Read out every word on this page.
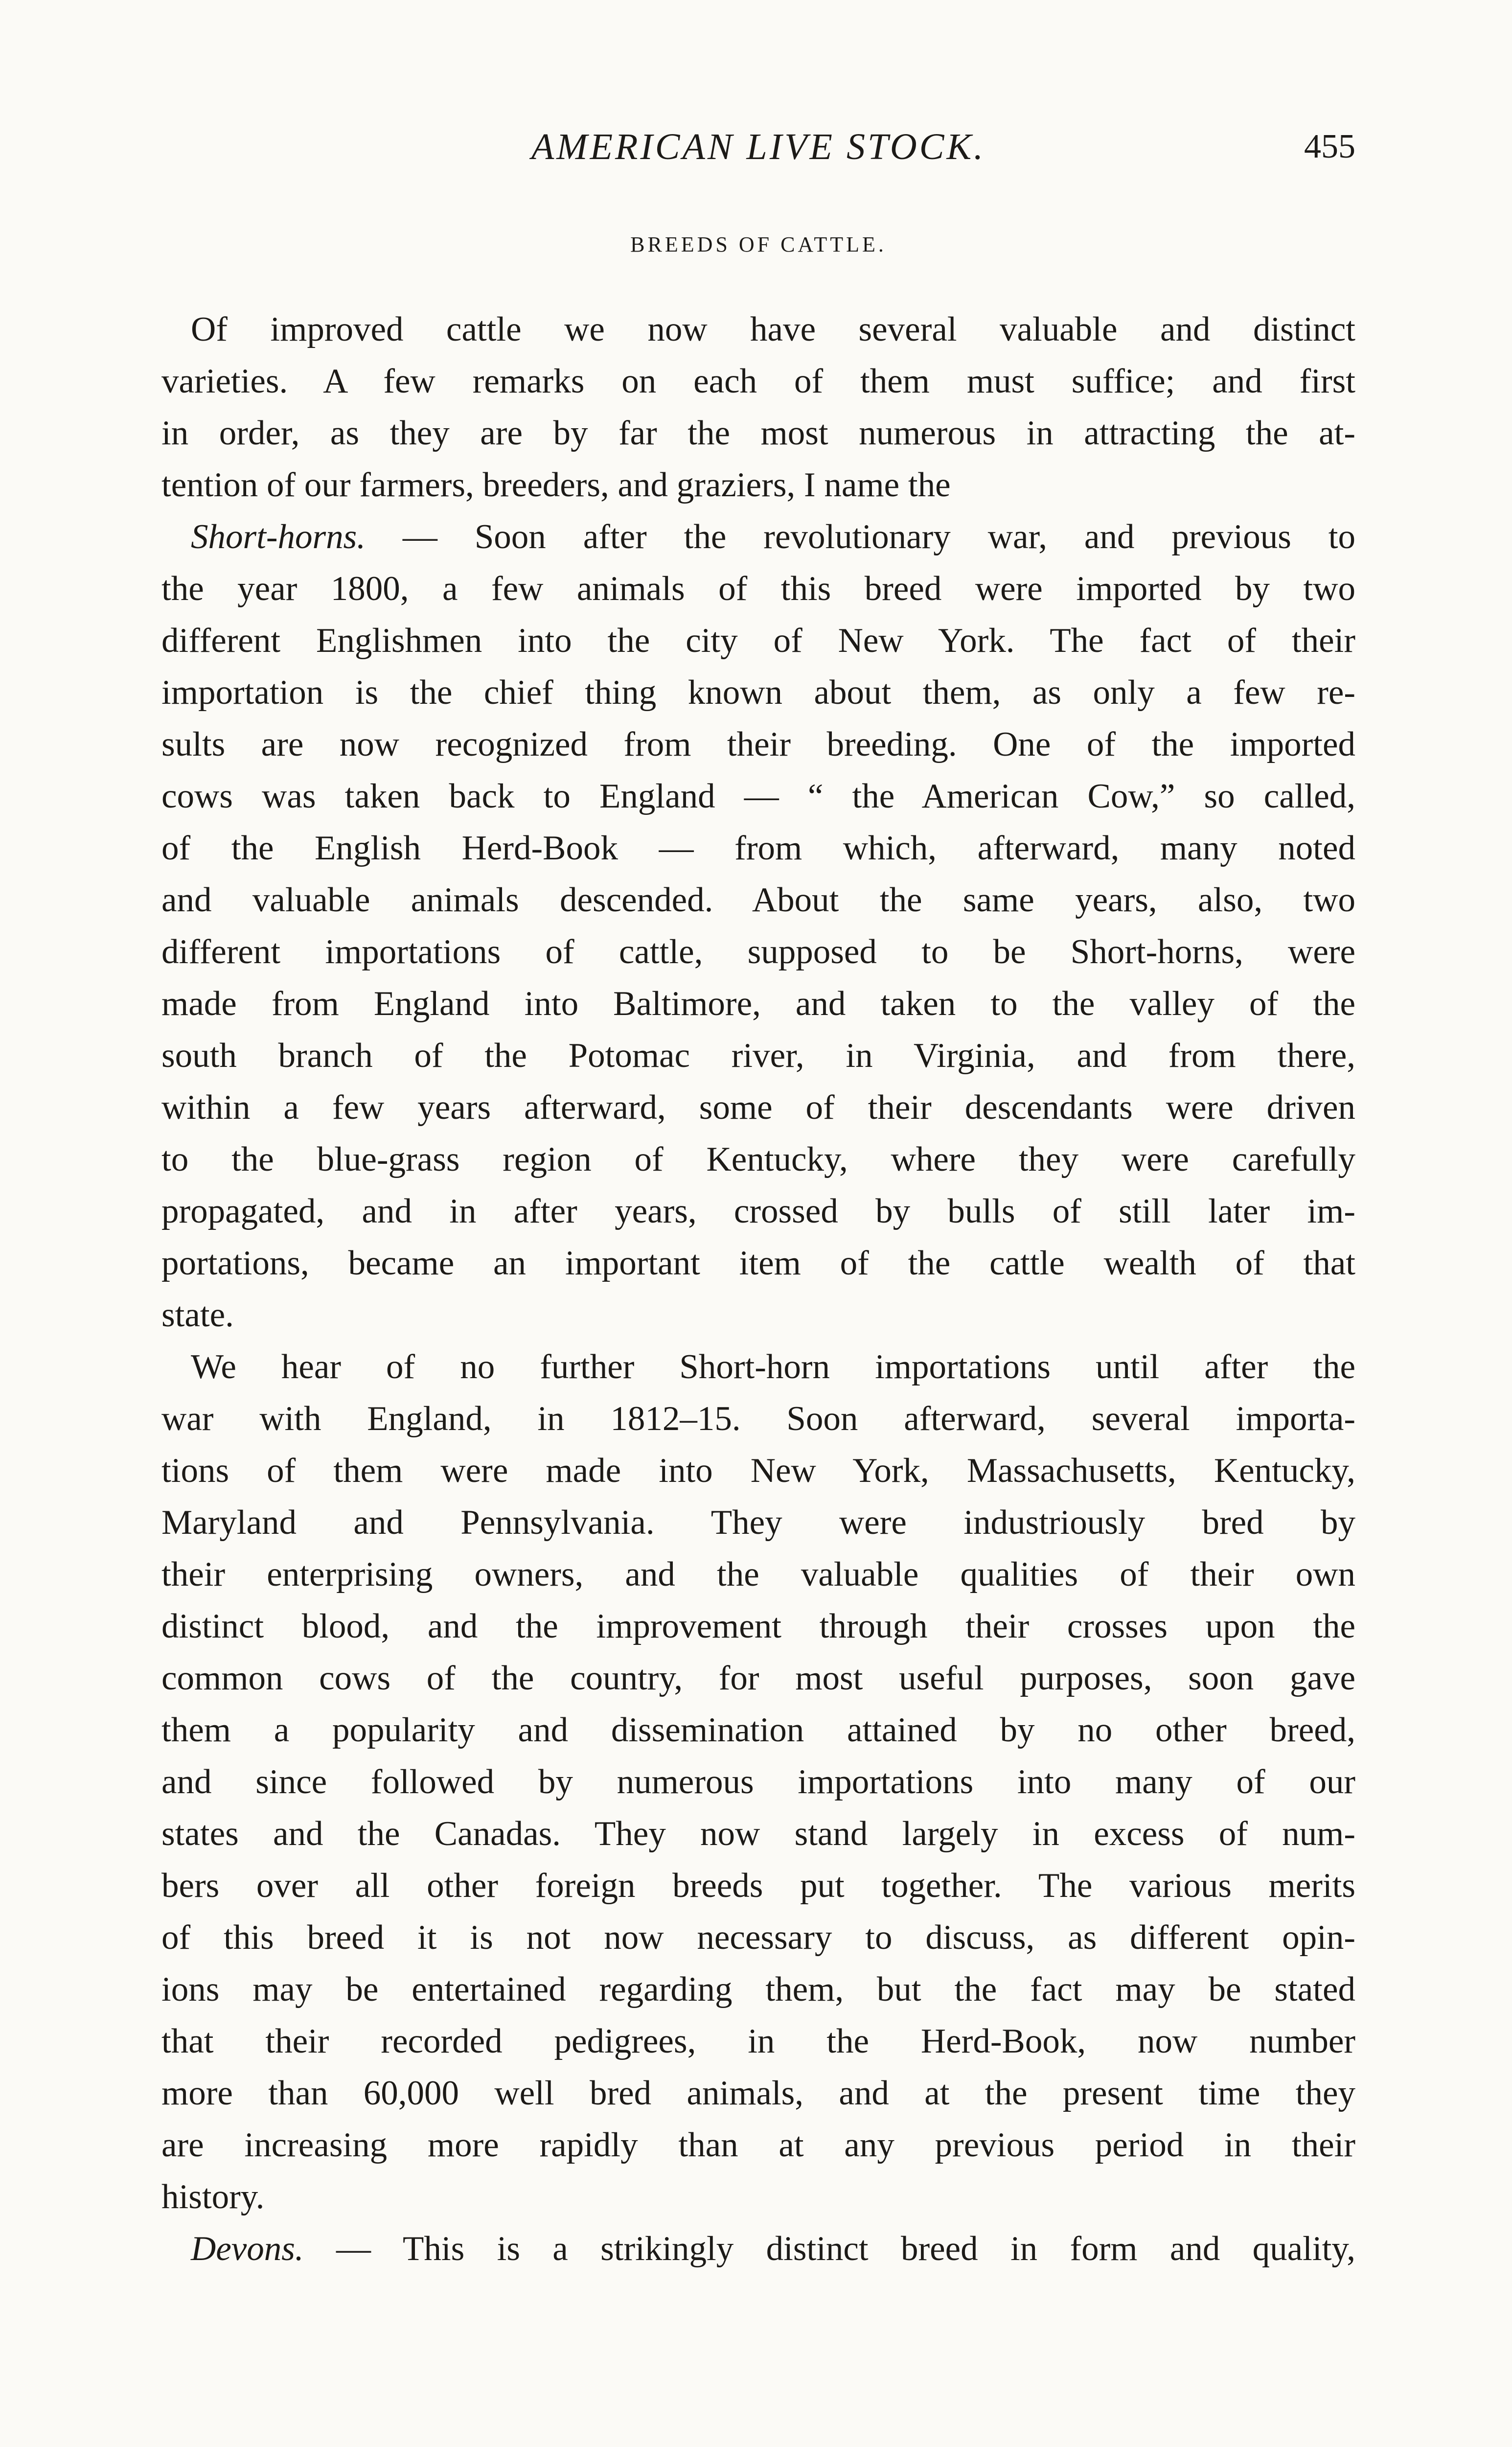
AMERICAN LIVE STOCK.	455
BREEDS OF CATTLE.
Of improved cattle we now have several valuable and distinct
varieties. A few remarks on each of them must suffice; and first
in order, as they are by far the most numerous in attracting the at-
tention of our farmers, breeders, and graziers, I name the
Short-horns. — Soon after the revolutionary war, and previous to
the year 1800, a few animals of this breed were imported by two
different Englishmen into the city of New York. The fact of their
importation is the chief thing known about them, as only a few re-
sults are now recognized from their breeding. One of the imported
cows was taken back to England — “ the American Cow,” so called,
of the English Herd-Book — from which, afterward, many noted
and valuable animals descended. About the same years, also, two
different importations of cattle, supposed to be Short-horns, were
made from England into Baltimore, and taken to the valley of the
south branch of the Potomac river, in Virginia, and from there,
within a few years afterward, some of their descendants were driven
to the blue-grass region of Kentucky, where they were carefully
propagated, and in after years, crossed by bulls of still later im-
portations, became an important item of the cattle wealth of that
state.
We hear of no further Short-horn importations until after the
war with England, in 1812–15. Soon afterward, several importa-
tions of them were made into New York, Massachusetts, Kentucky,
Maryland and Pennsylvania. They were industriously bred by
their enterprising owners, and the valuable qualities of their own
distinct blood, and the improvement through their crosses upon the
common cows of the country, for most useful purposes, soon gave
them a popularity and dissemination attained by no other breed,
and since followed by numerous importations into many of our
states and the Canadas. They now stand largely in excess of num-
bers over all other foreign breeds put together. The various merits
of this breed it is not now necessary to discuss, as different opin-
ions may be entertained regarding them, but the fact may be stated
that their recorded pedigrees, in the Herd-Book, now number
more than 60,000 well bred animals, and at the present time they
are increasing more rapidly than at any previous period in their
history.
Devons. — This is a strikingly distinct breed in form and quality,
